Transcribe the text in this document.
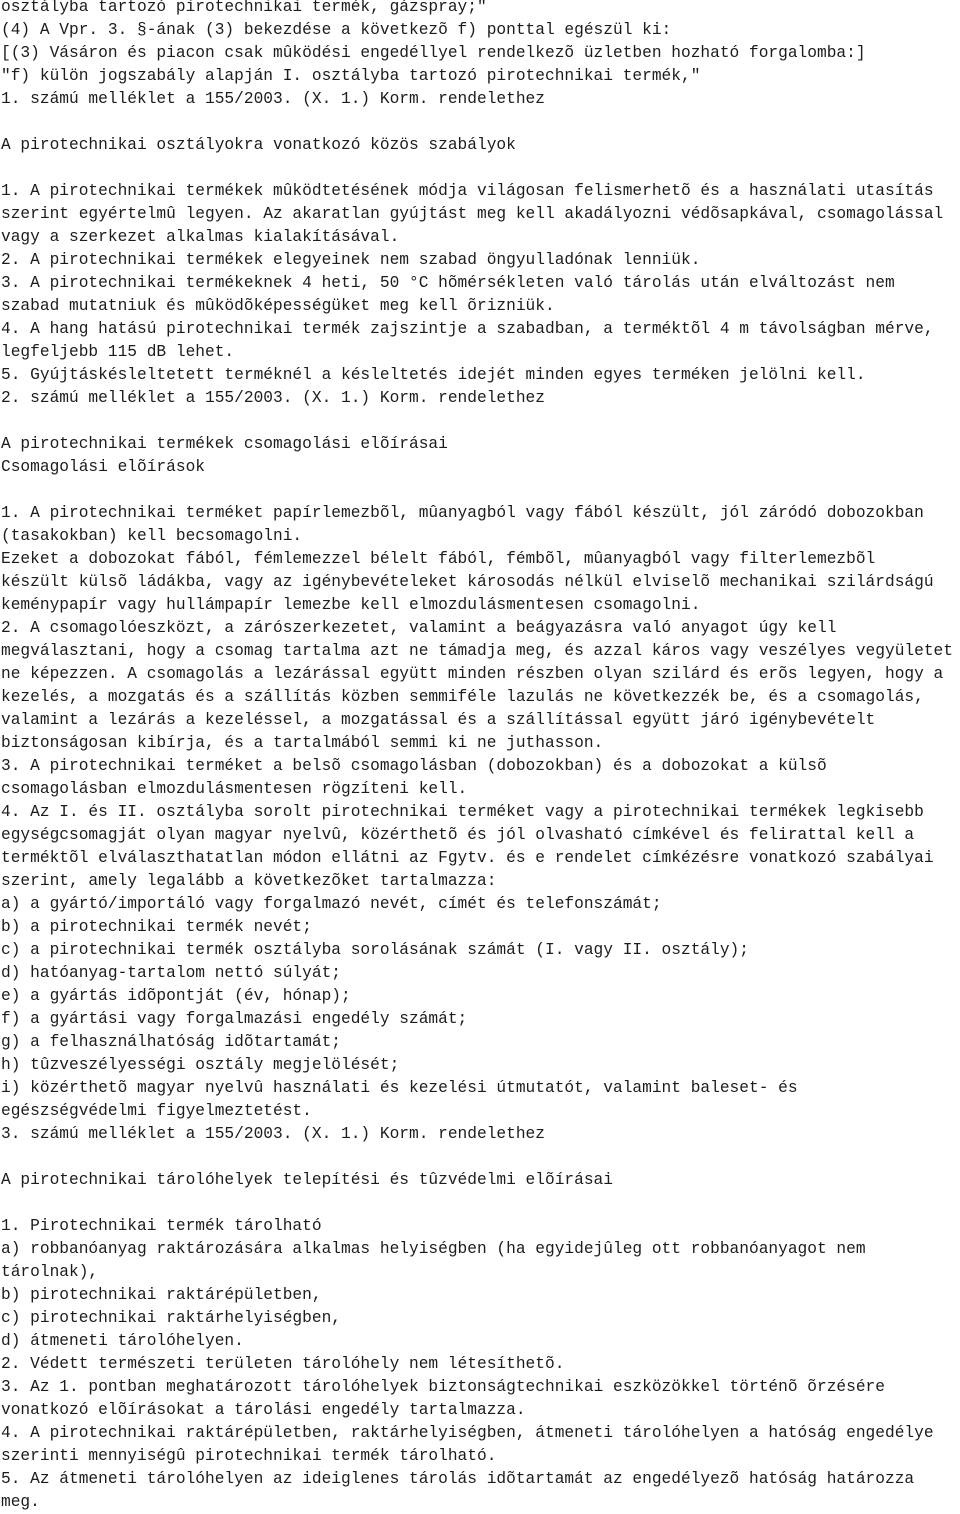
osztályba tartozó pirotechnikai termék, gázspray;"
(4) A Vpr. 3. §-ának (3) bekezdése a következõ f) ponttal egészül ki:
[(3) Vásáron és piacon csak mûködési engedéllyel rendelkezõ üzletben hozható forgalomba:]
"f) külön jogszabály alapján I. osztályba tartozó pirotechnikai termék,"
1. számú melléklet a 155/2003. (X. 1.) Korm. rendelethez
A pirotechnikai osztályokra vonatkozó közös szabályok
1. A pirotechnikai termékek mûködtetésének módja világosan felismerhetõ és a használati utasítás
szerint egyértelmû legyen. Az akaratlan gyújtást meg kell akadályozni védõsapkával, csomagolással
vagy a szerkezet alkalmas kialakításával.
2. A pirotechnikai termékek elegyeinek nem szabad öngyulladónak lenniük.
3. A pirotechnikai termékeknek 4 heti, 50 °C hõmérsékleten való tárolás után elváltozást nem
szabad mutatniuk és mûködõképességüket meg kell õrizniük.
4. A hang hatású pirotechnikai termék zajszintje a szabadban, a terméktõl 4 m távolságban mérve,
legfeljebb 115 dB lehet.
5. Gyújtáskésleltetett terméknél a késleltetés idejét minden egyes terméken jelölni kell.
2. számú melléklet a 155/2003. (X. 1.) Korm. rendelethez
A pirotechnikai termékek csomagolási elõírásai
Csomagolási elõírások
1. A pirotechnikai terméket papírlemezbõl, mûanyagból vagy fából készült, jól záródó dobozokban
(tasakokban) kell becsomagolni.
Ezeket a dobozokat fából, fémlemezzel bélelt fából, fémbõl, mûanyagból vagy filterlemezbõl
készült külsõ ládákba, vagy az igénybevételeket károsodás nélkül elviselõ mechanikai szilárdságú
keménypapír vagy hullámpapír lemezbe kell elmozdulásmentesen csomagolni.
2. A csomagolóeszközt, a zárószerkezetet, valamint a beágyazásra való anyagot úgy kell
megválasztani, hogy a csomag tartalma azt ne támadja meg, és azzal káros vagy veszélyes vegyületet
ne képezzen. A csomagolás a lezárással együtt minden részben olyan szilárd és erõs legyen, hogy a
kezelés, a mozgatás és a szállítás közben semmiféle lazulás ne következzék be, és a csomagolás,
valamint a lezárás a kezeléssel, a mozgatással és a szállítással együtt járó igénybevételt
biztonságosan kibírja, és a tartalmából semmi ki ne juthasson.
3. A pirotechnikai terméket a belsõ csomagolásban (dobozokban) és a dobozokat a külsõ
csomagolásban elmozdulásmentesen rögzíteni kell.
4. Az I. és II. osztályba sorolt pirotechnikai terméket vagy a pirotechnikai termékek legkisebb
egységcsomagját olyan magyar nyelvû, közérthetõ és jól olvasható címkével és felirattal kell a
terméktõl elválaszthatatlan módon ellátni az Fgytv. és e rendelet címkézésre vonatkozó szabályai
szerint, amely legalább a következõket tartalmazza:
a) a gyártó/importáló vagy forgalmazó nevét, címét és telefonszámát;
b) a pirotechnikai termék nevét;
c) a pirotechnikai termék osztályba sorolásának számát (I. vagy II. osztály);
d) hatóanyag-tartalom nettó súlyát;
e) a gyártás idõpontját (év, hónap);
f) a gyártási vagy forgalmazási engedély számát;
g) a felhasználhatóság idõtartamát;
h) tûzveszélyességi osztály megjelölését;
i) közérthetõ magyar nyelvû használati és kezelési útmutatót, valamint baleset- és
egészségvédelmi figyelmeztetést.
3. számú melléklet a 155/2003. (X. 1.) Korm. rendelethez
A pirotechnikai tárolóhelyek telepítési és tûzvédelmi elõírásai
1. Pirotechnikai termék tárolható
a) robbanóanyag raktározására alkalmas helyiségben (ha egyidejûleg ott robbanóanyagot nem
tárolnak),
b) pirotechnikai raktárépületben,
c) pirotechnikai raktárhelyiségben,
d) átmeneti tárolóhelyen.
2. Védett természeti területen tárolóhely nem létesíthetõ.
3. Az 1. pontban meghatározott tárolóhelyek biztonságtechnikai eszközökkel történõ õrzésére
vonatkozó elõírásokat a tárolási engedély tartalmazza.
4. A pirotechnikai raktárépületben, raktárhelyiségben, átmeneti tárolóhelyen a hatóság engedélye
szerinti mennyiségû pirotechnikai termék tárolható.
5. Az átmeneti tárolóhelyen az ideiglenes tárolás idõtartamát az engedélyezõ hatóság határozza
meg.
